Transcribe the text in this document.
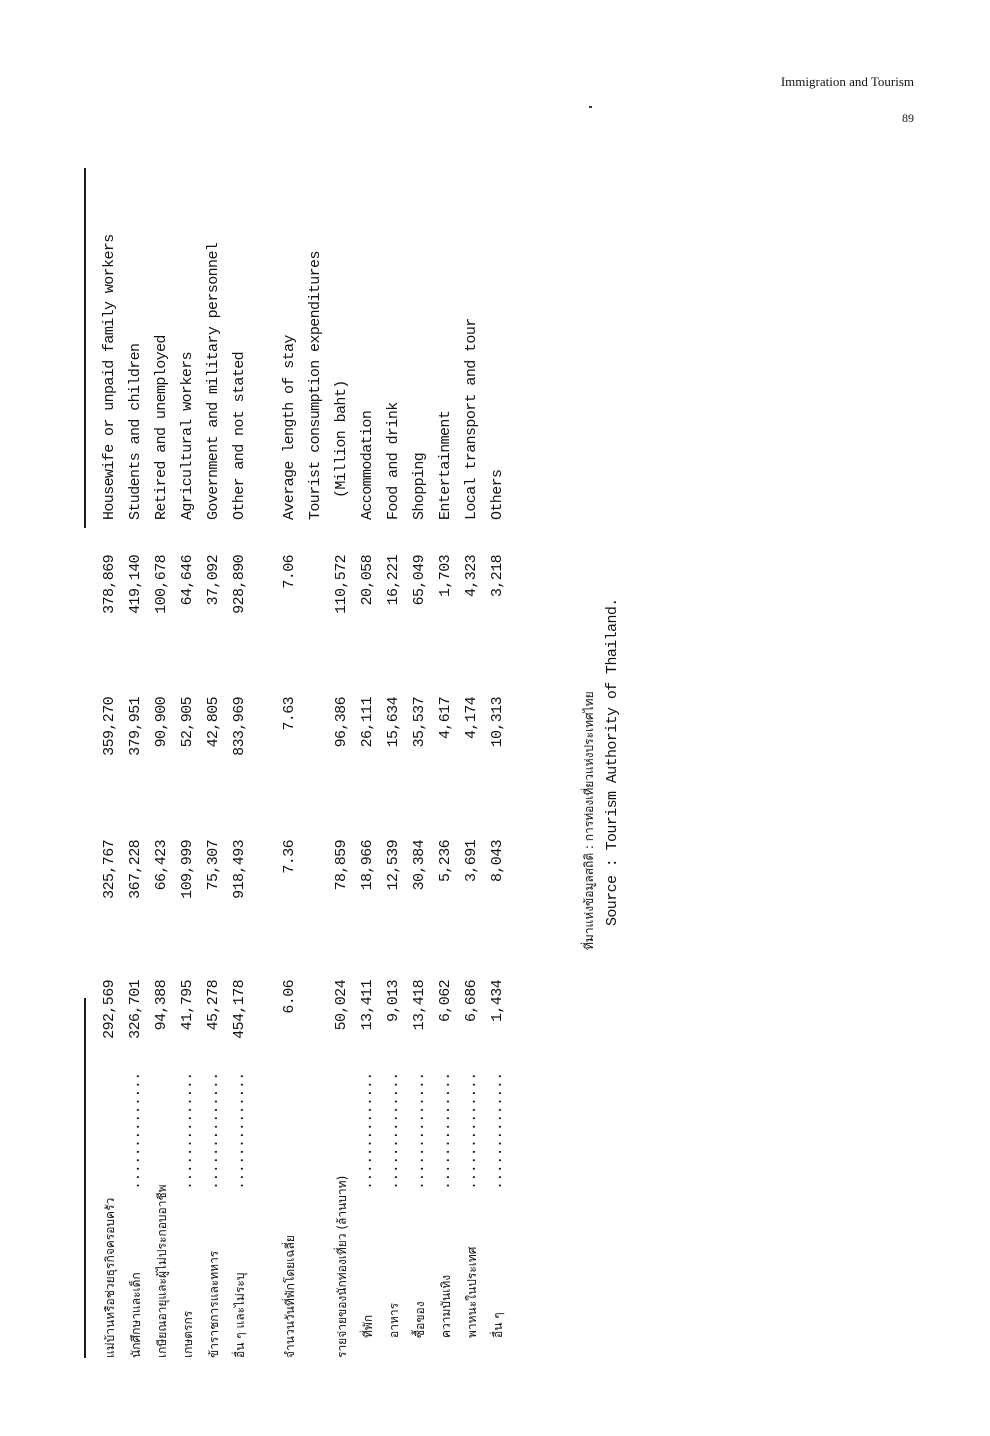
Immigration and Tourism
89
แม่บ้านหรือช่วยธุรกิจครอบครัว
292,569
325,767
359,270
378,869
Housewife or unpaid family workers
นักศึกษาและเด็ก
..............
326,701
367,228
379,951
419,140
Students and children
เกษียณอายุและผู้ไม่ประกอบอาชีพ
94,388
66,423
90,900
100,678
Retired and unemployed
เกษตรกร
..............
41,795
109,999
52,905
64,646
Agricultural workers
ข้าราชการและทหาร
..............
45,278
75,307
42,805
37,092
Government and military personnel
อื่น ๆ และไม่ระบุ
..............
454,178
918,493
833,969
928,890
Other and not stated
จำนวนวันที่พักโดยเฉลี่ย
6.06
7.36
7.63
7.06
Average length of stay Tourist consumption expenditures
รายจ่ายของนักท่องเที่ยว (ล้านบาท)
50,024
78,859
96,386
110,572
(Million baht)
ที่พัก
..............
13,411
18,966
26,111
20,058
Accommodation
อาหาร
..............
9,013
12,539
15,634
16,221
Food and drink
ซื้อของ
..............
13,418
30,384
35,537
65,049
Shopping
ความบันเทิง
..............
6,062
5,236
4,617
1,703
Entertainment
พาหนะในประเทศ
..............
6,686
3,691
4,174
4,323
Local transport and tour
อื่น ๆ
..............
1,434
8,043
10,313
3,218
Others
ที่มาแห่งข้อมูลสถิติ : การท่องเที่ยวแห่งประเทศไทย Source : Tourism Authority of Thailand.
